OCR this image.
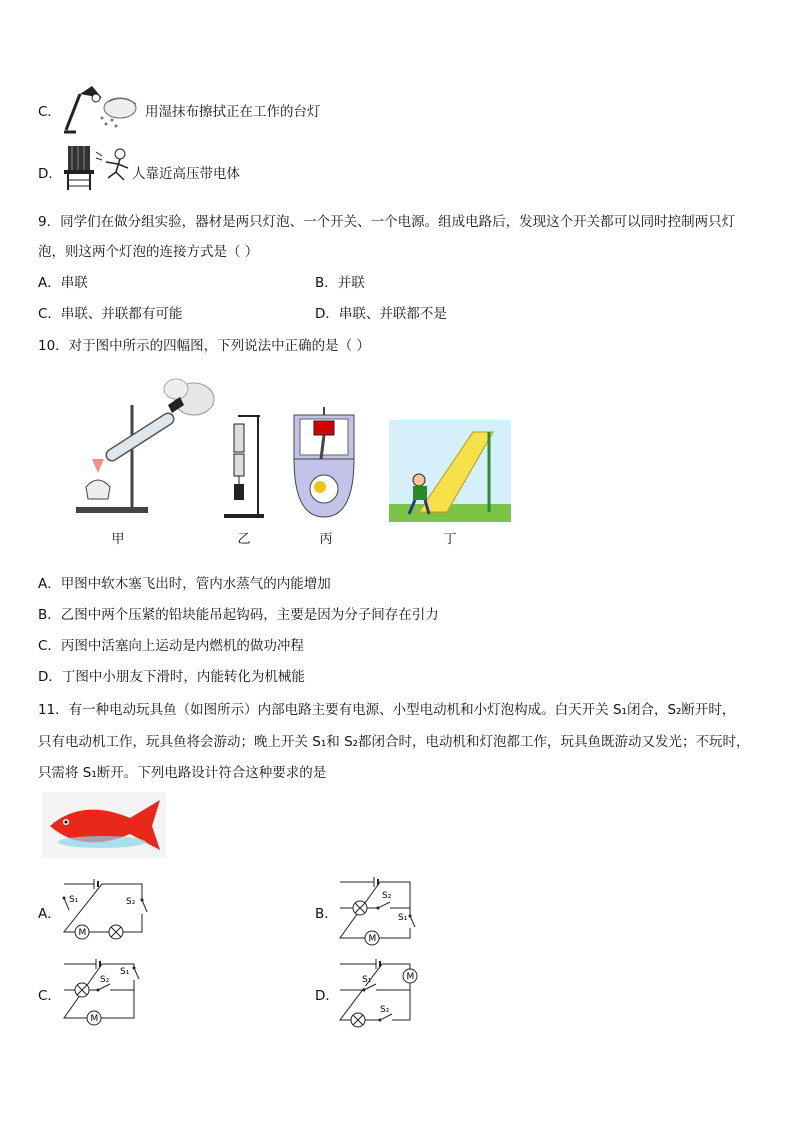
C．	用湿抹布擦拭正在工作的台灯
D．	人靠近高压带电体
9．同学们在做分组实验，器材是两只灯泡、一个开关、一个电源。组成电路后，发现这个开关都可以同时控制两只灯
泡，则这两个灯泡的连接方式是（ ）
A．串联	B．并联
C．串联、并联都有可能	D．串联、并联都不是
10．对于图中所示的四幅图，下列说法中正确的是（ ）
甲	乙	丙	丁
A．甲图中软木塞飞出时，管内水蒸气的内能增加
B．乙图中两个压紧的铅块能吊起钩码，主要是因为分子间存在引力
C．丙图中活塞向上运动是内燃机的做功冲程
D．丁图中小朋友下滑时，内能转化为机械能
11．有一种电动玩具鱼（如图所示）内部电路主要有电源、小型电动机和小灯泡构成。白天开关 S₁闭合，S₂断开时，
只有电动机工作，玩具鱼将会游动；晚上开关 S₁和 S₂都闭合时，电动机和灯泡都工作，玩具鱼既游动又发光；不玩时，
只需将 S₁断开。下列电路设计符合这种要求的是
A．
S₁	S₂
M
B．
S₂
S₁
M
C．
S₂
S₁
M
D．
S₁	M
S₂
